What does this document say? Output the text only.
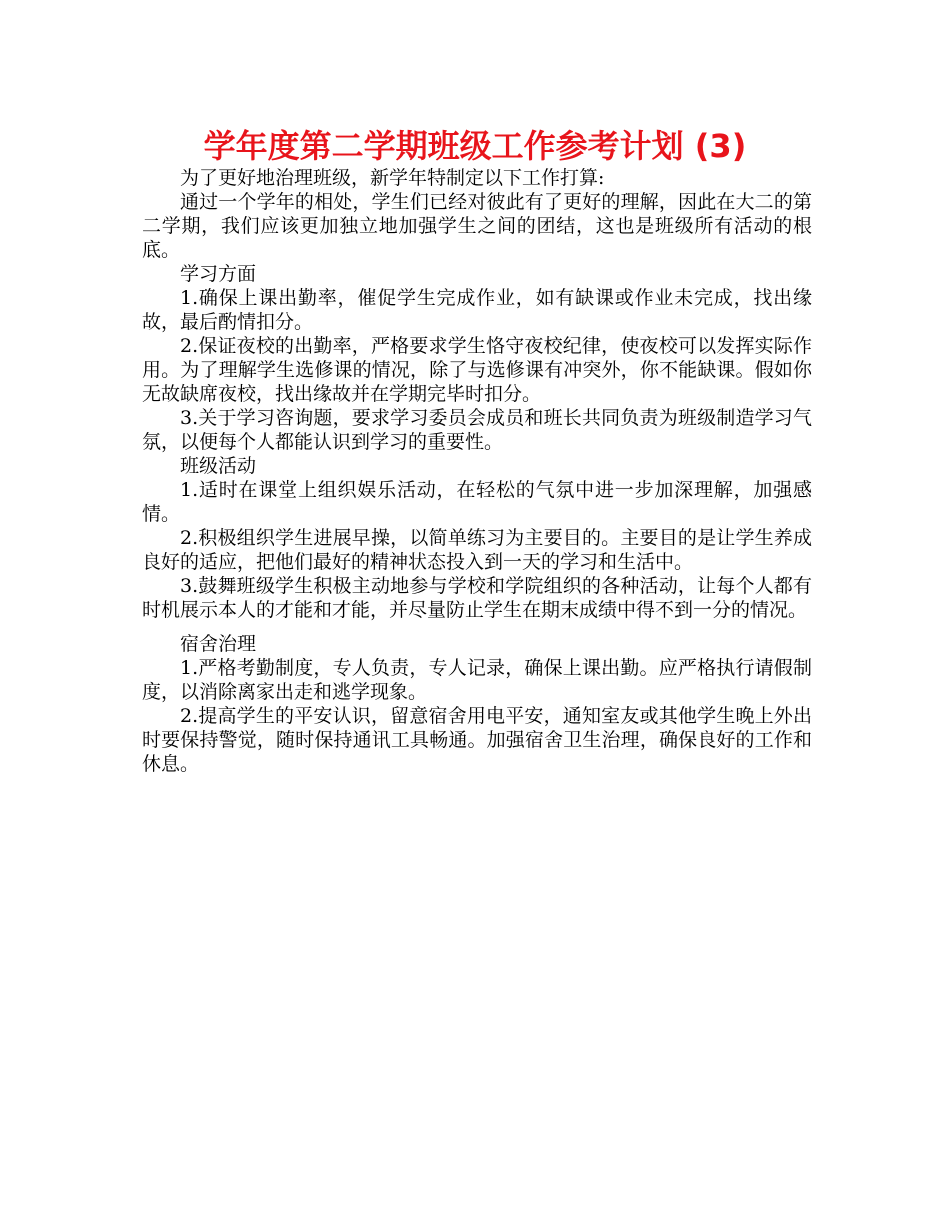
学年度第二学期班级工作参考计划 (3)

为了更好地治理班级，新学年特制定以下工作打算:

通过一个学年的相处，学生们已经对彼此有了更好的理解，因此在大二的第二学期，我们应该更加独立地加强学生之间的团结，这也是班级所有活动的根底。

学习方面

1.确保上课出勤率，催促学生完成作业，如有缺课或作业未完成，找出缘故，最后酌情扣分。

2.保证夜校的出勤率，严格要求学生恪守夜校纪律，使夜校可以发挥实际作用。为了理解学生选修课的情况，除了与选修课有冲突外，你不能缺课。假如你无故缺席夜校，找出缘故并在学期完毕时扣分。

3.关于学习咨询题，要求学习委员会成员和班长共同负责为班级制造学习气氛，以便每个人都能认识到学习的重要性。

班级活动

1.适时在课堂上组织娱乐活动，在轻松的气氛中进一步加深理解，加强感情。

2.积极组织学生进展早操，以简单练习为主要目的。主要目的是让学生养成良好的适应，把他们最好的精神状态投入到一天的学习和生活中。

3.鼓舞班级学生积极主动地参与学校和学院组织的各种活动，让每个人都有时机展示本人的才能和才能，并尽量防止学生在期末成绩中得不到一分的情况。

宿舍治理

1.严格考勤制度，专人负责，专人记录，确保上课出勤。应严格执行请假制度，以消除离家出走和逃学现象。

2.提高学生的平安认识，留意宿舍用电平安，通知室友或其他学生晚上外出时要保持警觉，随时保持通讯工具畅通。加强宿舍卫生治理，确保良好的工作和休息。
